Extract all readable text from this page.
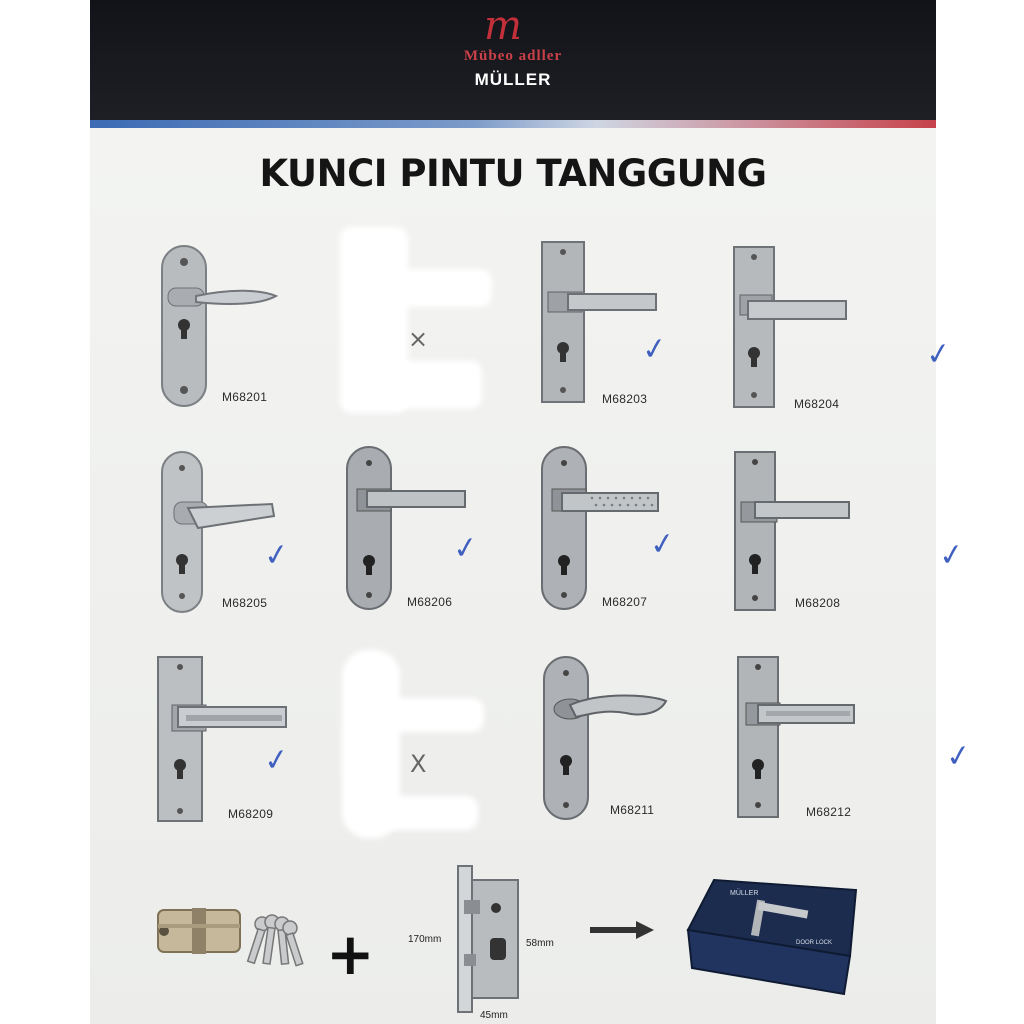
m
Mübeo adller
MÜLLER
KUNCI PINTU TANGGUNG
M68201
×
M68203
✓
M68204
✓
M68205
✓
M68206
✓
M68207
✓
M68208
✓
M68209
✓	X
M68211	M68212
✓
+	170mm	58mm
45mm
MÜLLER
DOOR LOCK
